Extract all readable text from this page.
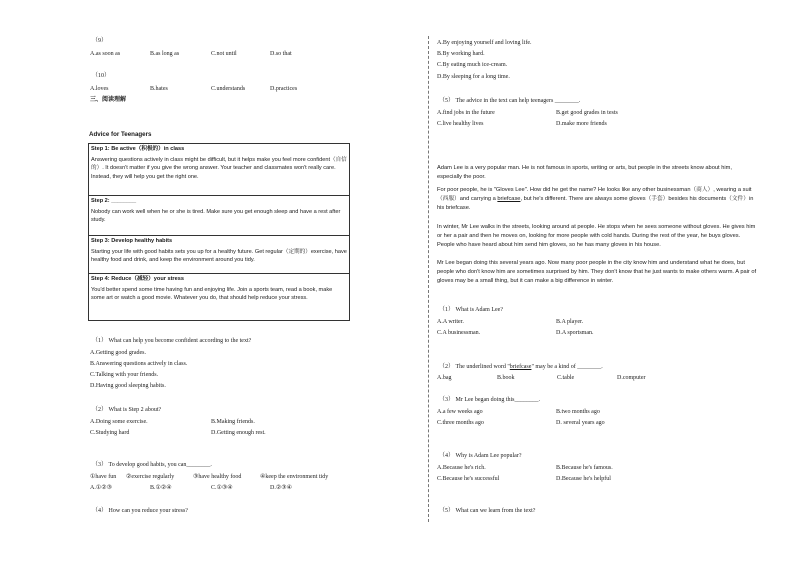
（9）
A.as soon as	B.as long as	C.not until	D.so that
（10）
A.loves	B.hates	C.understands	D.practices
三、阅读理解
Advice for Teenagers
Step 1: Be active（积极的）in class
Answering questions actively in class might be difficult, but it helps make you feel more confident（自信的）. It doesn't matter if you give the wrong answer. Your teacher and classmates won't really care. Instead, they will help you get the right one.
Step 2: ________
Nobody can work well when he or she is tired. Make sure you get enough sleep and have a rest after study.
Step 3: Develop healthy habits
Starting your life with good habits sets you up for a healthy future. Get regular（定期的）exercise, have healthy food and drink, and keep the environment around you tidy.
Step 4: Reduce（减轻）your stress
You'd better spend some time having fun and enjoying life. Join a sports team, read a book, make some art or watch a good movie. Whatever you do, that should help reduce your stress.
（1） What can help you become confident according to the text?
A.Getting good grades.
B.Answering questions actively in class.
C.Talking with your friends.
D.Having good sleeping habits.
（2） What is Step 2 about?
A.Doing some exercise.	B.Making friends.
C.Studying hard	D.Getting enough rest.
（3） To develop good habits, you can________.
①have fun ②exercise regularly	③have healthy food	④keep the environment tidy
A.①②③	B.①②④	C.①③④	D.②③④
（4） How can you reduce your stress?
A.By enjoying yourself and loving life.
B.By working hard.
C.By eating much ice-cream.
D.By sleeping for a long time.
（5） The advice in the text can help teenagers ________.
A.find jobs in the future	B.get good grades in tests
C.live healthy lives	D.make more friends
Adam Lee is a very popular man. He is not famous in sports, writing or arts, but people in the streets know about him, especially the poor.
For poor people, he is "Gloves Lee". How did he get the name? He looks like any other businessman（商人）, wearing a suit（西服）and carrying a briefcase, but he's different. There are always some gloves（手套）besides his documents（文件）in his briefcase.
In winter, Mr Lee walks in the streets, looking around at people. He stops when he sees someone without gloves. He gives him or her a pair and then he moves on, looking for more people with cold hands. During the rest of the year, he buys gloves. People who have heard about him send him gloves, so he has many gloves in his house.
Mr Lee began doing this several years ago. Now many poor people in the city know him and understand what he does, but people who don't know him are sometimes surprised by him. They don't know that he just wants to make others warm. A pair of gloves may be a small thing, but it can make a big difference in winter.
（1） What is Adam Lee?
A.A writer.	B.A player.
C.A businessman.	D.A sportsman.
（2） The underlined word "briefcase" may be a kind of ________.
A.bag	B.book	C.table	D.computer
（3） Mr Lee began doing this________.
A.a few weeks ago	B.two months ago
C.three months ago	D. several years ago
（4） Why is Adam Lee popular?
A.Because he's rich.	B.Because he's famous.
C.Because he's successful	D.Because he's helpful
（5） What can we learn from the text?
